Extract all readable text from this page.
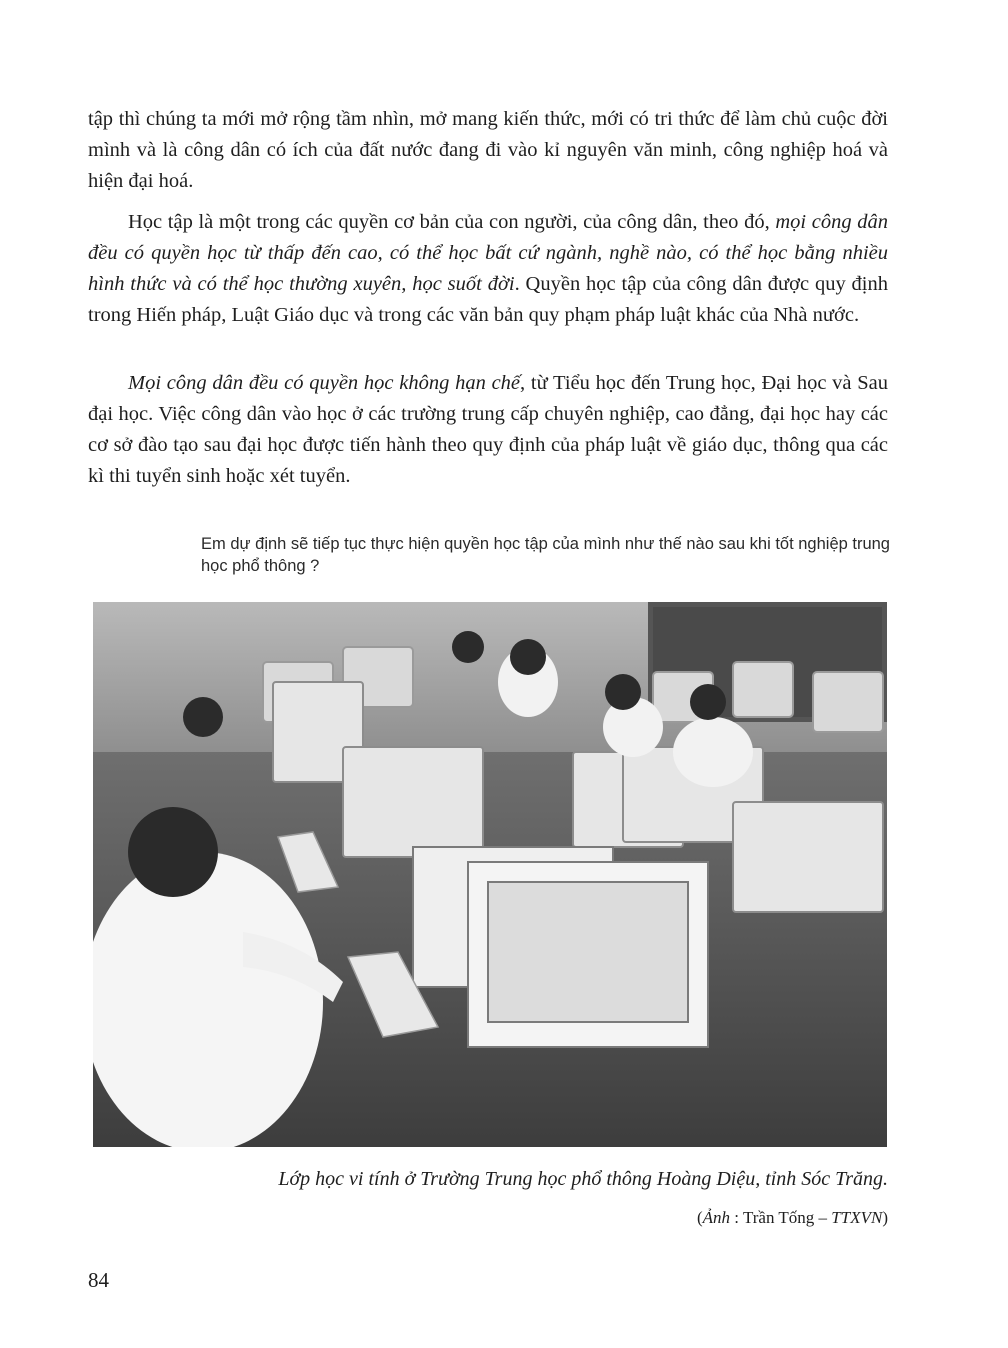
tập thì chúng ta mới mở rộng tầm nhìn, mở mang kiến thức, mới có tri thức để làm chủ cuộc đời mình và là công dân có ích của đất nước đang đi vào kỉ nguyên văn minh, công nghiệp hoá và hiện đại hoá.

Học tập là một trong các quyền cơ bản của con người, của công dân, theo đó, mọi công dân đều có quyền học từ thấp đến cao, có thể học bất cứ ngành, nghề nào, có thể học bằng nhiều hình thức và có thể học thường xuyên, học suốt đời. Quyền học tập của công dân được quy định trong Hiến pháp, Luật Giáo dục và trong các văn bản quy phạm pháp luật khác của Nhà nước.

Mọi công dân đều có quyền học không hạn chế, từ Tiểu học đến Trung học, Đại học và Sau đại học. Việc công dân vào học ở các trường trung cấp chuyên nghiệp, cao đẳng, đại học hay các cơ sở đào tạo sau đại học được tiến hành theo quy định của pháp luật về giáo dục, thông qua các kì thi tuyển sinh hoặc xét tuyển.

Em dự định sẽ tiếp tục thực hiện quyền học tập của mình như thế nào sau khi tốt nghiệp trung học phổ thông ?
Lớp học vi tính ở Trường Trung học phổ thông Hoàng Diệu, tỉnh Sóc Trăng.
(Ảnh : Trần Tống – TTXVN)
84
